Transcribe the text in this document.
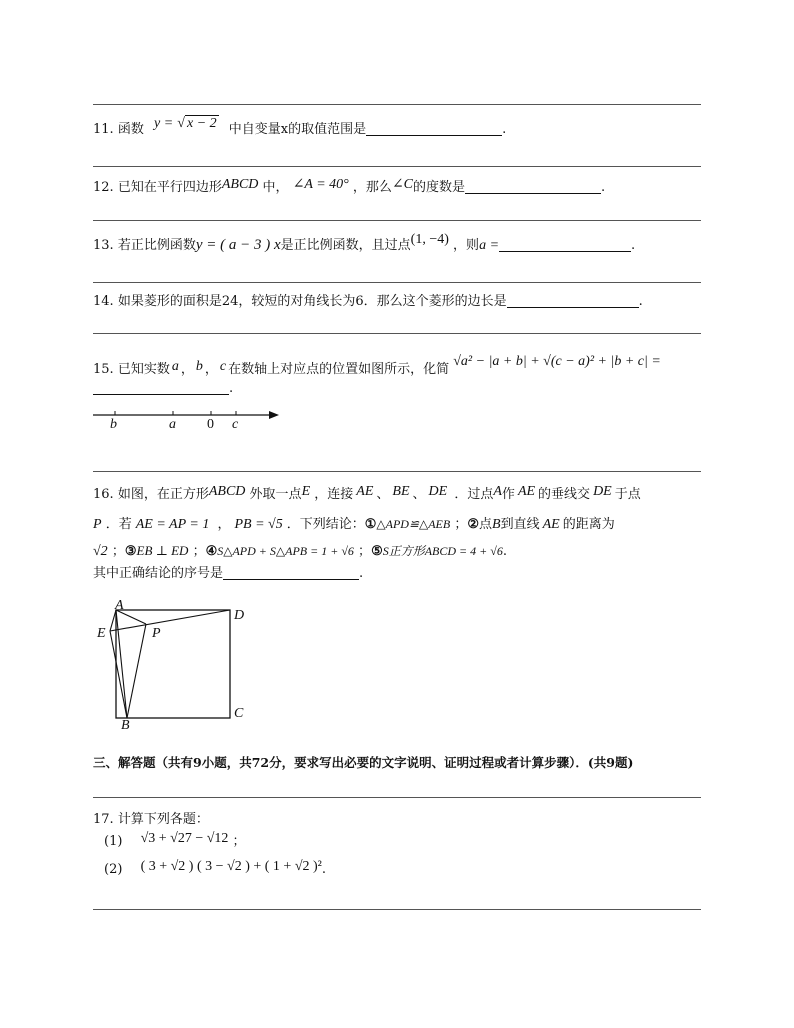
11. 函数 y = √ x − 2 中自变量x的取值范围是	.
12. 已知在平行四边形ABCD 中， ∠A = 40° ，那么∠C的度数是	.
13. 若正比例函数y = ( a − 3 ) x是正比例函数，且过点(1, −4) ，则a =	.
14. 如果菱形的面积是24，较短的对角线长为6．那么这个菱形的边长是	.
15. 已知实数 a ， b ， c 在数轴上对应点的位置如图所示，化简 √a² − |a + b| + √(c − a)² + |b + c| =
.
b	a 0 c
16. 如图，在正方形ABCD 外取一点E ，连接 AE 、 BE 、 DE ．过点A作 AE 的垂线交 DE 于点
P ．若 AE = AP = 1 ， PB = √5 ．下列结论：①△APD≌△AEB ；②点B到直线 AE 的距离为
√2 ；③EB ⊥ ED ；④S△APD + S△APB = 1 + √6 ；⑤S正方形ABCD = 4 + √6.
其中正确结论的序号是	.
A
D
E	P
B
C
三、解答题（共有9小题，共72分，要求写出必要的文字说明、证明过程或者计算步骤）．(共9题)
17. 计算下列各题：
(1) √3 + √27 − √12 ；
(2) ( 3 + √2 ) ( 3 − √2 ) + ( 1 + √2 )².
